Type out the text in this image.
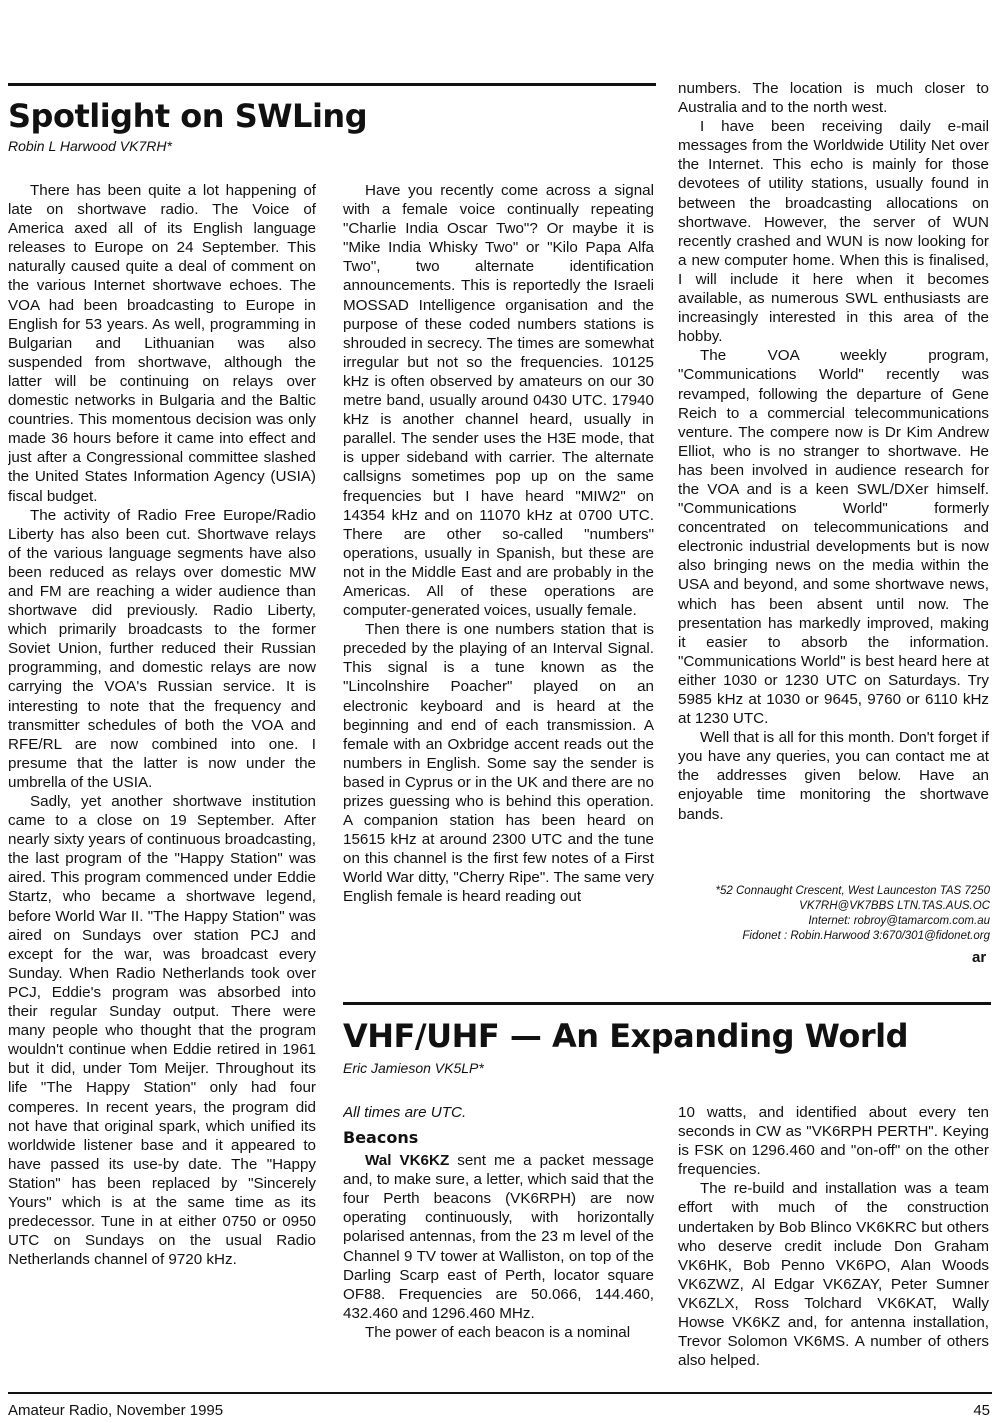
Spotlight on SWLing
Robin L Harwood VK7RH*

There has been quite a lot happening of late on shortwave radio. The Voice of America axed all of its English language releases to Europe on 24 September. This naturally caused quite a deal of comment on the various Internet shortwave echoes. The VOA had been broadcasting to Europe in English for 53 years. As well, programming in Bulgarian and Lithuanian was also suspended from shortwave, although the latter will be continuing on relays over domestic networks in Bulgaria and the Baltic countries. This momentous decision was only made 36 hours before it came into effect and just after a Congressional committee slashed the United States Information Agency (USIA) fiscal budget.

The activity of Radio Free Europe/Radio Liberty has also been cut. Shortwave relays of the various language segments have also been reduced as relays over domestic MW and FM are reaching a wider audience than shortwave did previously. Radio Liberty, which primarily broadcasts to the former Soviet Union, further reduced their Russian programming, and domestic relays are now carrying the VOA's Russian service. It is interesting to note that the frequency and transmitter schedules of both the VOA and RFE/RL are now combined into one. I presume that the latter is now under the umbrella of the USIA.

Sadly, yet another shortwave institution came to a close on 19 September. After nearly sixty years of continuous broadcasting, the last program of the "Happy Station" was aired. This program commenced under Eddie Startz, who became a shortwave legend, before World War II. "The Happy Station" was aired on Sundays over station PCJ and except for the war, was broadcast every Sunday. When Radio Netherlands took over PCJ, Eddie's program was absorbed into their regular Sunday output. There were many people who thought that the program wouldn't continue when Eddie retired in 1961 but it did, under Tom Meijer. Throughout its life "The Happy Station" only had four comperes. In recent years, the program did not have that original spark, which unified its worldwide listener base and it appeared to have passed its use-by date. The "Happy Station" has been replaced by "Sincerely Yours" which is at the same time as its predecessor. Tune in at either 0750 or 0950 UTC on Sundays on the usual Radio Netherlands channel of 9720 kHz.

Have you recently come across a signal with a female voice continually repeating "Charlie India Oscar Two"? Or maybe it is "Mike India Whisky Two" or "Kilo Papa Alfa Two", two alternate identification announcements. This is reportedly the Israeli MOSSAD Intelligence organisation and the purpose of these coded numbers stations is shrouded in secrecy. The times are somewhat irregular but not so the frequencies. 10125 kHz is often observed by amateurs on our 30 metre band, usually around 0430 UTC. 17940 kHz is another channel heard, usually in parallel. The sender uses the H3E mode, that is upper sideband with carrier. The alternate callsigns sometimes pop up on the same frequencies but I have heard "MIW2" on 14354 kHz and on 11070 kHz at 0700 UTC. There are other so-called "numbers" operations, usually in Spanish, but these are not in the Middle East and are probably in the Americas. All of these operations are computer-generated voices, usually female.

Then there is one numbers station that is preceded by the playing of an Interval Signal. This signal is a tune known as the "Lincolnshire Poacher" played on an electronic keyboard and is heard at the beginning and end of each transmission. A female with an Oxbridge accent reads out the numbers in English. Some say the sender is based in Cyprus or in the UK and there are no prizes guessing who is behind this operation. A companion station has been heard on 15615 kHz at around 2300 UTC and the tune on this channel is the first few notes of a First World War ditty, "Cherry Ripe". The same very English female is heard reading out

numbers. The location is much closer to Australia and to the north west.

I have been receiving daily e-mail messages from the Worldwide Utility Net over the Internet. This echo is mainly for those devotees of utility stations, usually found in between the broadcasting allocations on shortwave. However, the server of WUN recently crashed and WUN is now looking for a new computer home. When this is finalised, I will include it here when it becomes available, as numerous SWL enthusiasts are increasingly interested in this area of the hobby.

The VOA weekly program, "Communications World" recently was revamped, following the departure of Gene Reich to a commercial telecommunications venture. The compere now is Dr Kim Andrew Elliot, who is no stranger to shortwave. He has been involved in audience research for the VOA and is a keen SWL/DXer himself. "Communications World" formerly concentrated on telecommunications and electronic industrial developments but is now also bringing news on the media within the USA and beyond, and some shortwave news, which has been absent until now. The presentation has markedly improved, making it easier to absorb the information. "Communications World" is best heard here at either 1030 or 1230 UTC on Saturdays. Try 5985 kHz at 1030 or 9645, 9760 or 6110 kHz at 1230 UTC.

Well that is all for this month. Don't forget if you have any queries, you can contact me at the addresses given below. Have an enjoyable time monitoring the shortwave bands.

*52 Connaught Crescent, West Launceston TAS 7250
VK7RH@VK7BBS LTN.TAS.AUS.OC
Internet: robroy@tamarcom.com.au
Fidonet : Robin.Harwood 3:670/301@fidonet.org
ar
VHF/UHF — An Expanding World
Eric Jamieson VK5LP*
All times are UTC.
Beacons

Wal VK6KZ sent me a packet message and, to make sure, a letter, which said that the four Perth beacons (VK6RPH) are now operating continuously, with horizontally polarised antennas, from the 23 m level of the Channel 9 TV tower at Walliston, on top of the Darling Scarp east of Perth, locator square OF88. Frequencies are 50.066, 144.460, 432.460 and 1296.460 MHz.

The power of each beacon is a nominal

10 watts, and identified about every ten seconds in CW as "VK6RPH PERTH". Keying is FSK on 1296.460 and "on-off" on the other frequencies.

The re-build and installation was a team effort with much of the construction undertaken by Bob Blinco VK6KRC but others who deserve credit include Don Graham VK6HK, Bob Penno VK6PO, Alan Woods VK6ZWZ, Al Edgar VK6ZAY, Peter Sumner VK6ZLX, Ross Tolchard VK6KAT, Wally Howse VK6KZ and, for antenna installation, Trevor Solomon VK6MS. A number of others also helped.

Amateur Radio, November 1995	45
